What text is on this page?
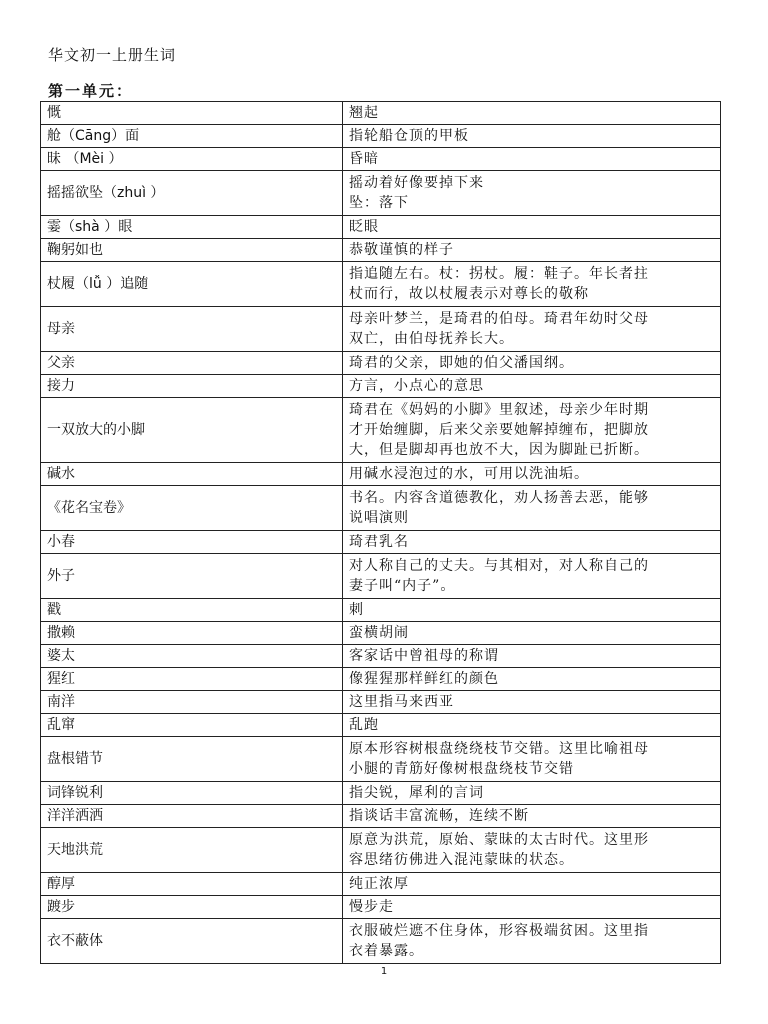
华文初一上册生词
第一单元：
慨	翘起

舱（Cāng）面	指轮船仓顶的甲板

昧 （Mèi ）	昏暗

摇摇欲坠（zhuì ）	摇动着好像要掉下来
坠：落下

霎（shà ）眼	眨眼

鞠躬如也	恭敬谨慎的样子

杖履（lǚ ）追随	指追随左右。杖：拐杖。履：鞋子。年长者拄
杖而行，故以杖履表示对尊长的敬称

母亲	母亲叶梦兰，是琦君的伯母。琦君年幼时父母
双亡，由伯母抚养长大。

父亲	琦君的父亲，即她的伯父潘国纲。

接力	方言，小点心的意思

一双放大的小脚	琦君在《妈妈的小脚》里叙述，母亲少年时期
才开始缠脚，后来父亲要她解掉缠布，把脚放
大，但是脚却再也放不大，因为脚趾已折断。

碱水	用碱水浸泡过的水，可用以洗油垢。

《花名宝卷》	书名。内容含道德教化，劝人扬善去恶，能够
说唱演则

小春	琦君乳名

外子	对人称自己的丈夫。与其相对，对人称自己的
妻子叫“内子”。

戳	刺

撒赖	蛮横胡闹

婆太	客家话中曾祖母的称谓

猩红	像猩猩那样鲜红的颜色

南洋	这里指马来西亚

乱窜	乱跑

盘根错节	原本形容树根盘绕绕枝节交错。这里比喻祖母
小腿的青筋好像树根盘绕枝节交错

词锋锐利	指尖锐，犀利的言词

洋洋洒洒	指谈话丰富流畅，连续不断

天地洪荒	原意为洪荒，原始、蒙昧的太古时代。这里形
容思绪彷佛进入混沌蒙昧的状态。

醇厚	纯正浓厚

踱步	慢步走

衣不蔽体	衣服破烂遮不住身体，形容极端贫困。这里指
衣着暴露。
1
